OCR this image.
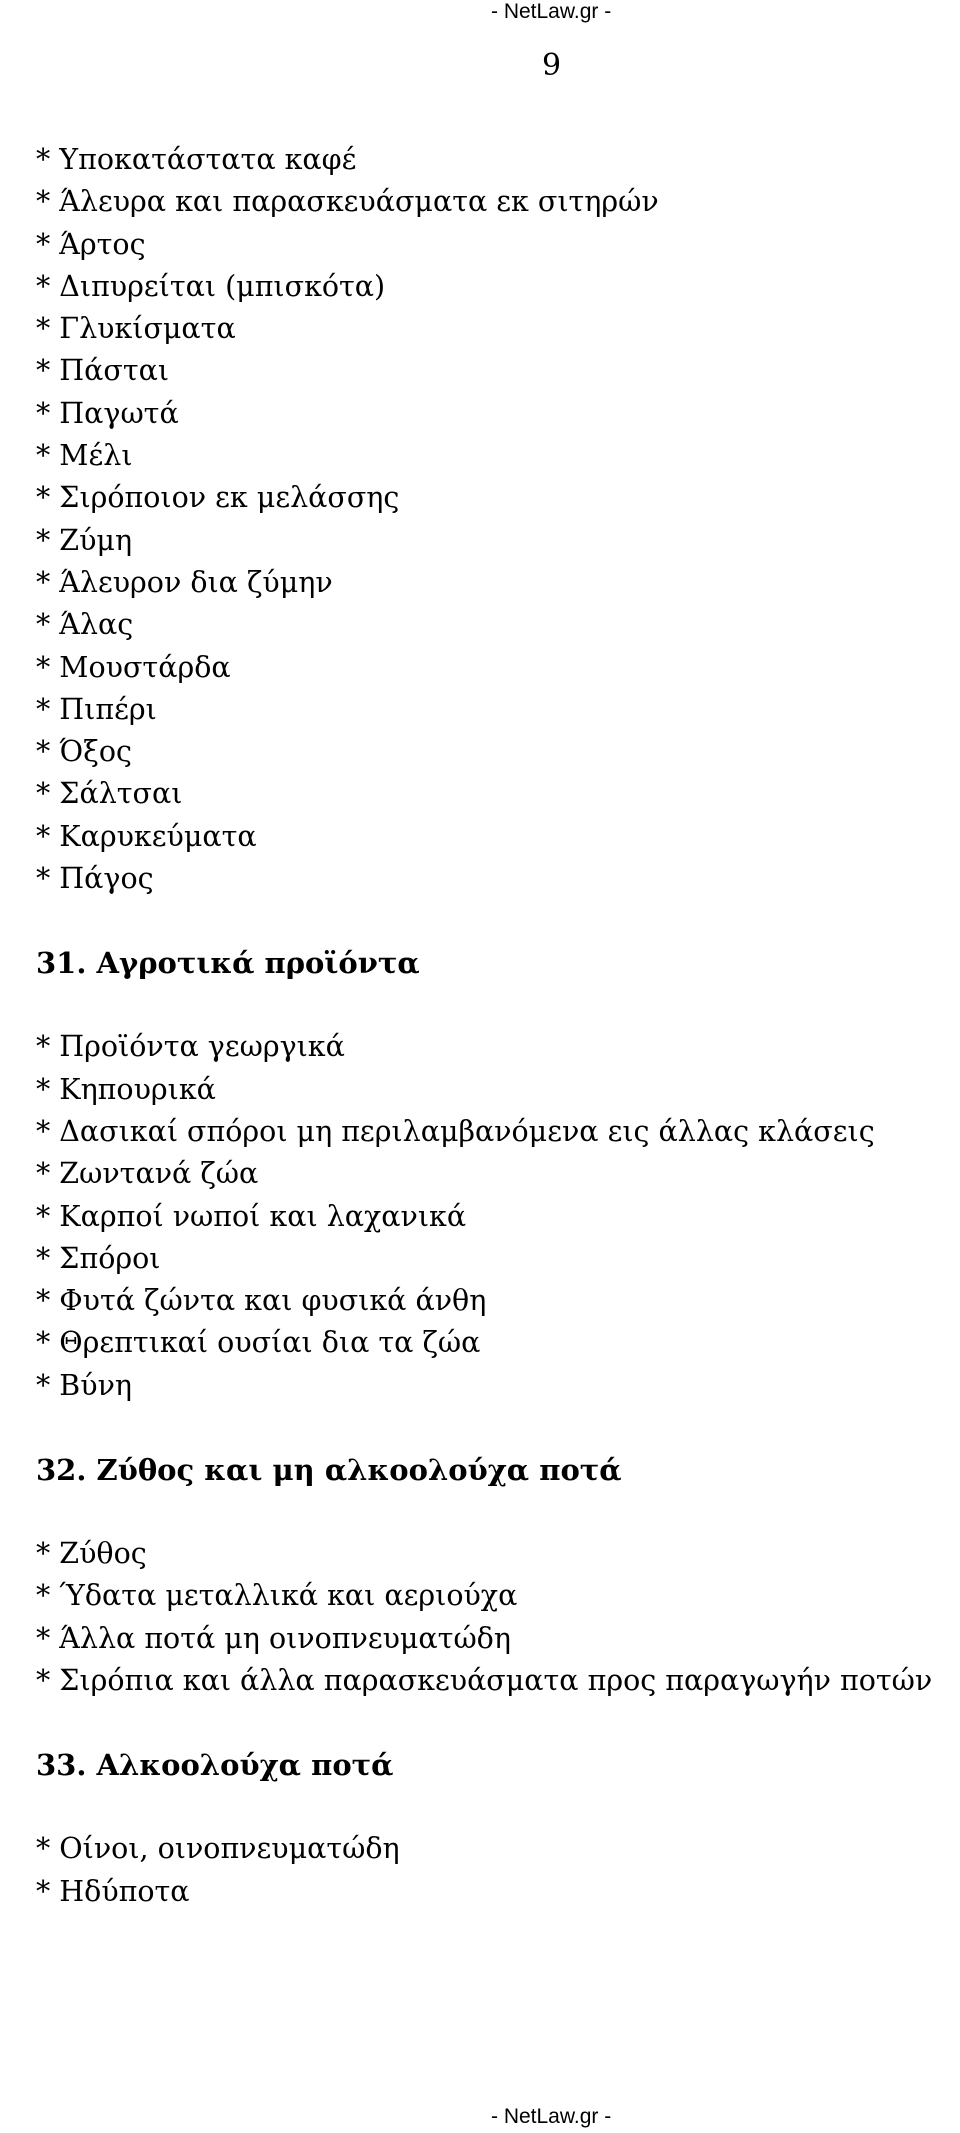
- NetLaw.gr -
9
* Υποκατάστατα καφέ
* Άλευρα και παρασκευάσματα εκ σιτηρών
* Άρτος
* Διπυρείται (μπισκότα)
* Γλυκίσματα
* Πάσται
* Παγωτά
* Μέλι
* Σιρόποιον εκ μελάσσης
* Ζύμη
* Άλευρον δια ζύμην
* Άλας
* Μουστάρδα
* Πιπέρι
* Όξος
* Σάλτσαι
* Καρυκεύματα
* Πάγος
31. Αγροτικά προϊόντα
* Προϊόντα γεωργικά
* Κηπουρικά
* Δασικαί σπόροι μη περιλαμβανόμενα εις άλλας κλάσεις
* Ζωντανά ζώα
* Καρποί νωποί και λαχανικά
* Σπόροι
* Φυτά ζώντα και φυσικά άνθη
* Θρεπτικαί ουσίαι δια τα ζώα
* Βύνη
32. Ζύθος και μη αλκοολούχα ποτά
* Ζύθος
* Ύδατα μεταλλικά και αεριούχα
* Άλλα ποτά μη οινοπνευματώδη
* Σιρόπια και άλλα παρασκευάσματα προς παραγωγήν ποτών
33. Αλκοολούχα ποτά
* Οίνοι, οινοπνευματώδη
* Ηδύποτα
- NetLaw.gr -
